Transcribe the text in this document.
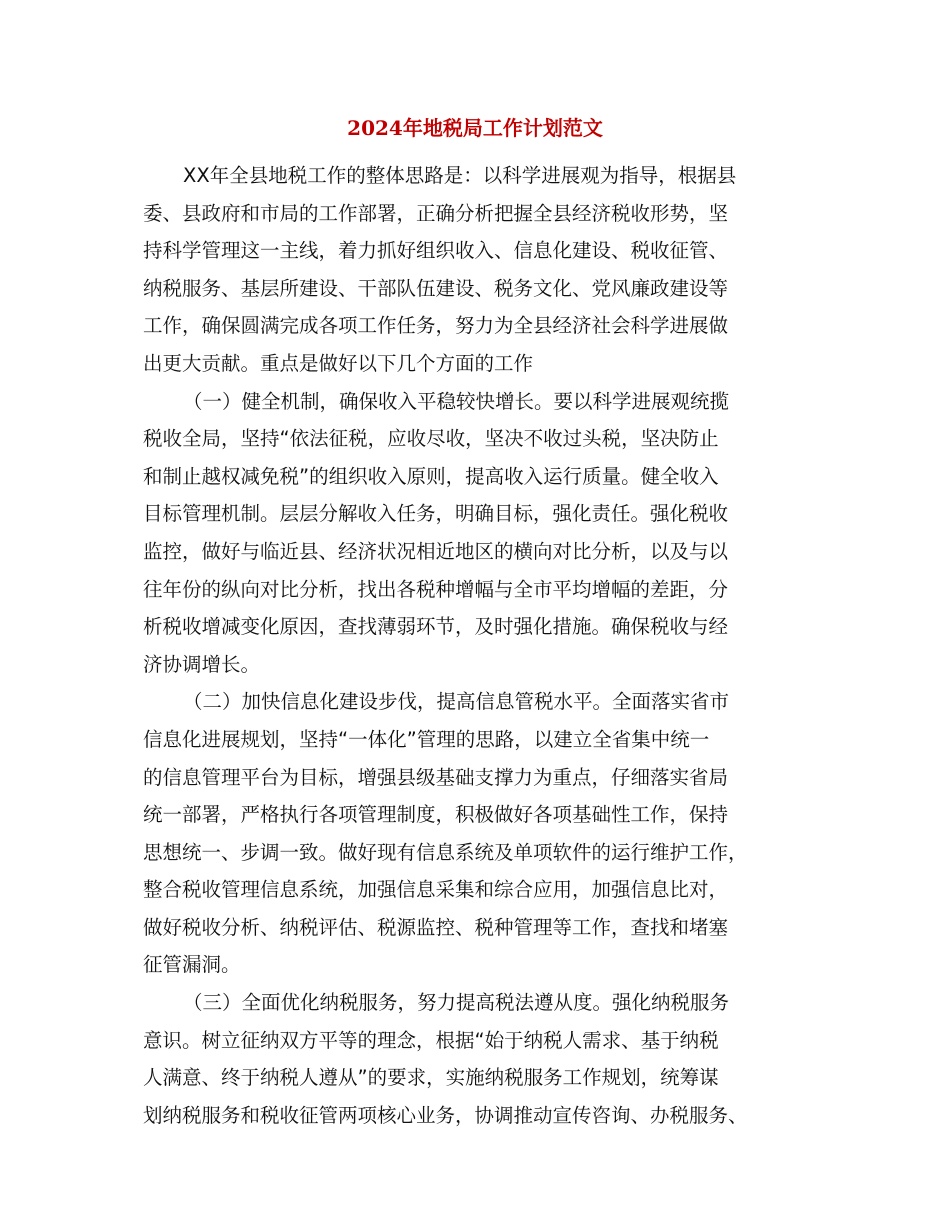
2024年地税局工作计划范文
XX年全县地税工作的整体思路是：以科学进展观为指导，根据县
委、县政府和市局的工作部署，正确分析把握全县经济税收形势，坚
持科学管理这一主线，着力抓好组织收入、信息化建设、税收征管、
纳税服务、基层所建设、干部队伍建设、税务文化、党风廉政建设等
工作，确保圆满完成各项工作任务，努力为全县经济社会科学进展做
出更大贡献。重点是做好以下几个方面的工作
（一）健全机制，确保收入平稳较快增长。要以科学进展观统揽
税收全局，坚持“依法征税，应收尽收，坚决不收过头税，坚决防止
和制止越权减免税”的组织收入原则，提高收入运行质量。健全收入
目标管理机制。层层分解收入任务，明确目标，强化责任。强化税收
监控，做好与临近县、经济状况相近地区的横向对比分析，以及与以
往年份的纵向对比分析，找出各税种增幅与全市平均增幅的差距，分
析税收增减变化原因，查找薄弱环节，及时强化措施。确保税收与经
济协调增长。
（二）加快信息化建设步伐，提高信息管税水平。全面落实省市
信息化进展规划，坚持“一体化”管理的思路，以建立全省集中统一
的信息管理平台为目标，增强县级基础支撑力为重点，仔细落实省局
统一部署，严格执行各项管理制度，积极做好各项基础性工作，保持
思想统一、步调一致。做好现有信息系统及单项软件的运行维护工作，
整合税收管理信息系统，加强信息采集和综合应用，加强信息比对，
做好税收分析、纳税评估、税源监控、税种管理等工作，查找和堵塞
征管漏洞。
（三）全面优化纳税服务，努力提高税法遵从度。强化纳税服务
意识。树立征纳双方平等的理念，根据“始于纳税人需求、基于纳税
人满意、终于纳税人遵从”的要求，实施纳税服务工作规划，统筹谋
划纳税服务和税收征管两项核心业务，协调推动宣传咨询、办税服务、
